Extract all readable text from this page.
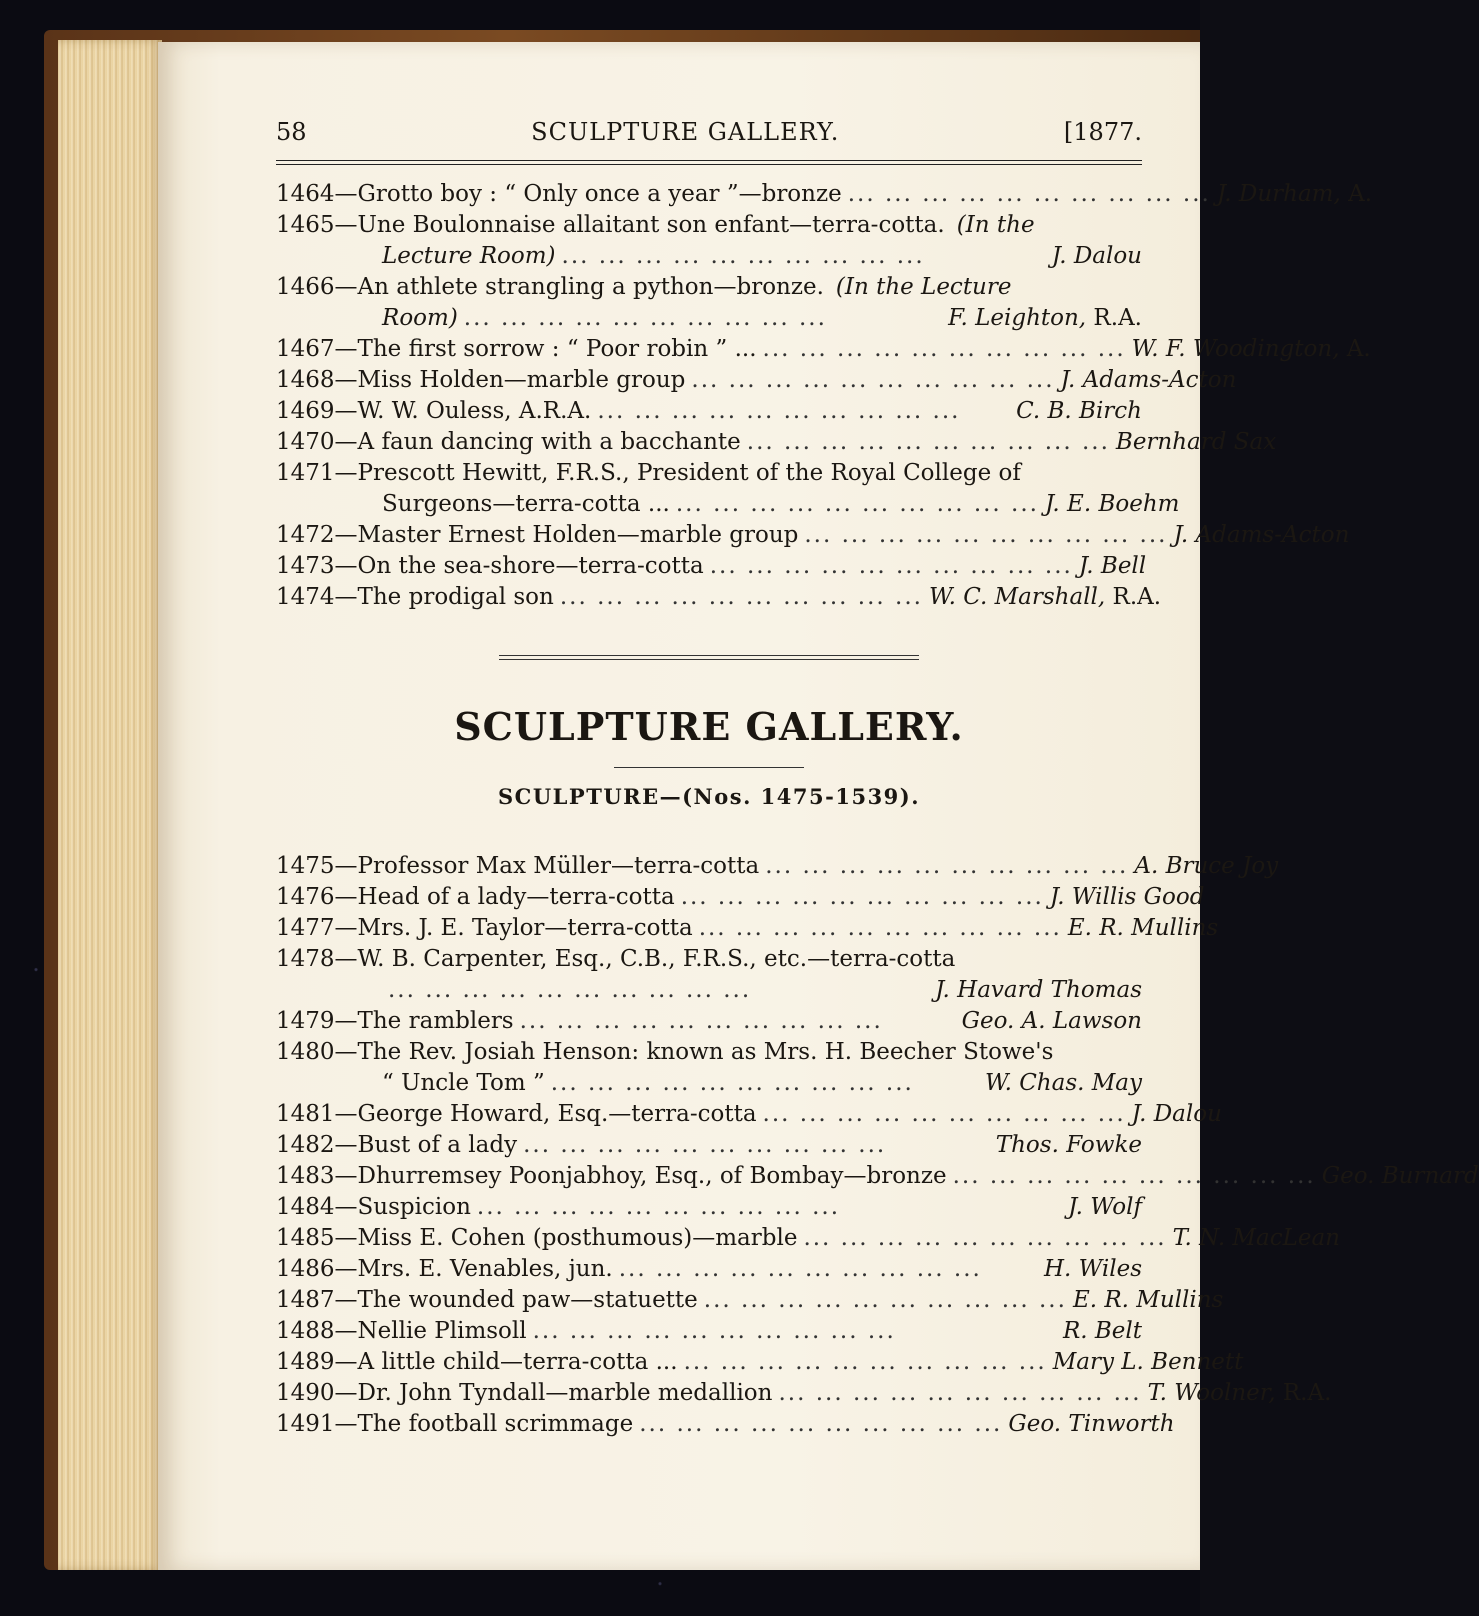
58	SCULPTURE GALLERY.	[1877.
1464—Grotto boy : “ Only once a year ”—bronze ... ... ... ... ... ... ... ... ... ... J. Durham, A.
1465—Une Boulonnaise allaitant son enfant—terra-cotta. (In the
Lecture Room) ... ... ... ... ... ... ... ... ... ...	J. Dalou
1466—An athlete strangling a python—bronze. (In the Lecture
Room) ... ... ... ... ... ... ... ... ... ...	F. Leighton, R.A.
1467—The first sorrow : “ Poor robin ” ... ... ... ... ... ... ... ... ... ... ... W. F. Woodington, A.
1468—Miss Holden—marble group ... ... ... ... ... ... ... ... ... ... J. Adams-Acton
1469—W. W. Ouless, A.R.A. ... ... ... ... ... ... ... ... ... ...	C. B. Birch
1470—A faun dancing with a bacchante ... ... ... ... ... ... ... ... ... ... Bernhard Sax
1471—Prescott Hewitt, F.R.S., President of the Royal College of
Surgeons—terra-cotta ... ... ... ... ... ... ... ... ... ... ... J. E. Boehm
1472—Master Ernest Holden—marble group ... ... ... ... ... ... ... ... ... ... J. Adams-Acton
1473—On the sea-shore—terra-cotta ... ... ... ... ... ... ... ... ... ... J. Bell
1474—The prodigal son ... ... ... ... ... ... ... ... ... ... W. C. Marshall, R.A.
SCULPTURE GALLERY.
SCULPTURE—(Nos. 1475-1539).
1475—Professor Max Müller—terra-cotta ... ... ... ... ... ... ... ... ... ... A. Bruce Joy
1476—Head of a lady—terra-cotta ... ... ... ... ... ... ... ... ... ... J. Willis Good
1477—Mrs. J. E. Taylor—terra-cotta ... ... ... ... ... ... ... ... ... ... E. R. Mullins
1478—W. B. Carpenter, Esq., C.B., F.R.S., etc.—terra-cotta
... ... ... ... ... ... ... ... ... ...	J. Havard Thomas
1479—The ramblers ... ... ... ... ... ... ... ... ... ...	Geo. A. Lawson
1480—The Rev. Josiah Henson: known as Mrs. H. Beecher Stowe's
“ Uncle Tom ” ... ... ... ... ... ... ... ... ... ...	W. Chas. May
1481—George Howard, Esq.—terra-cotta ... ... ... ... ... ... ... ... ... ... J. Dalou
1482—Bust of a lady ... ... ... ... ... ... ... ... ... ...	Thos. Fowke
1483—Dhurremsey Poonjabhoy, Esq., of Bombay—bronze ... ... ... ... ... ... ... ... ... ... Geo. Burnard
1484—Suspicion ... ... ... ... ... ... ... ... ... ...	J. Wolf
1485—Miss E. Cohen (posthumous)—marble ... ... ... ... ... ... ... ... ... ... T. N. MacLean
1486—Mrs. E. Venables, jun. ... ... ... ... ... ... ... ... ... ...	H. Wiles
1487—The wounded paw—statuette ... ... ... ... ... ... ... ... ... ... E. R. Mullins
1488—Nellie Plimsoll ... ... ... ... ... ... ... ... ... ...	R. Belt
1489—A little child—terra-cotta ... ... ... ... ... ... ... ... ... ... ... Mary L. Bennett
1490—Dr. John Tyndall—marble medallion ... ... ... ... ... ... ... ... ... ... T. Woolner, R.A.
1491—The football scrimmage ... ... ... ... ... ... ... ... ... ... Geo. Tinworth
